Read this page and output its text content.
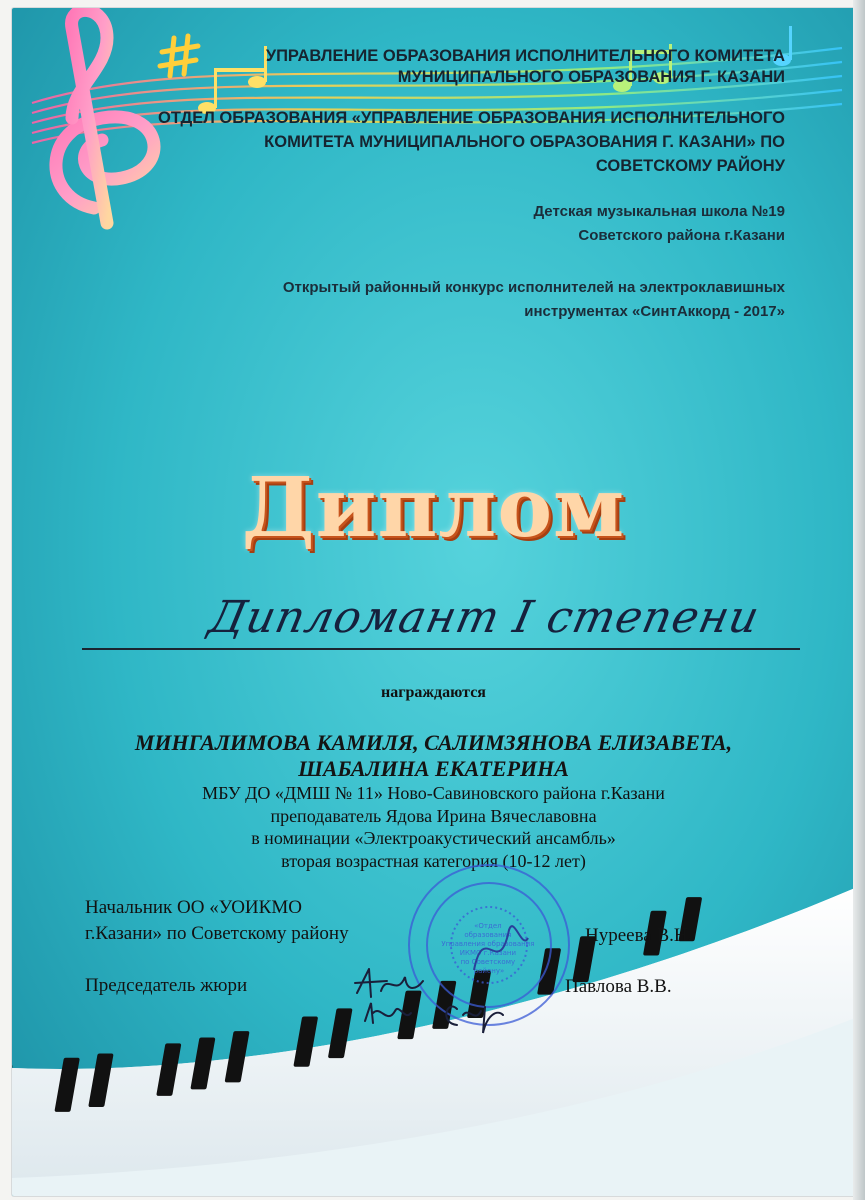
УПРАВЛЕНИЕ ОБРАЗОВАНИЯ ИСПОЛНИТЕЛЬНОГО КОМИТЕТА
МУНИЦИПАЛЬНОГО ОБРАЗОВАНИЯ Г. КАЗАНИ
ОТДЕЛ ОБРАЗОВАНИЯ «УПРАВЛЕНИЕ ОБРАЗОВАНИЯ ИСПОЛНИТЕЛЬНОГО
КОМИТЕТА МУНИЦИПАЛЬНОГО ОБРАЗОВАНИЯ Г. КАЗАНИ» ПО
СОВЕТСКОМУ РАЙОНУ
Детская музыкальная школа №19
Советского района г.Казани
Открытый районный конкурс исполнителей на электроклавишных
инструментах «СинтАккорд - 2017»
Диплом
Дипломант I степени
награждаются
МИНГАЛИМОВА КАМИЛЯ, САЛИМЗЯНОВА ЕЛИЗАВЕТА,
ШАБАЛИНА ЕКАТЕРИНА
МБУ ДО «ДМШ № 11» Ново-Савиновского района г.Казани
преподаватель Ядова Ирина Вячеславовна
в номинации «Электроакустический ансамбль»
вторая возрастная категория (10-12 лет)
«Отдел образования Управления образования ИКМО г.Казани по Советскому району»
Начальник ОО «УОИКМО
г.Казани» по Советскому району	Нуреева В.Н.
Председатель жюри	Павлова В.В.
